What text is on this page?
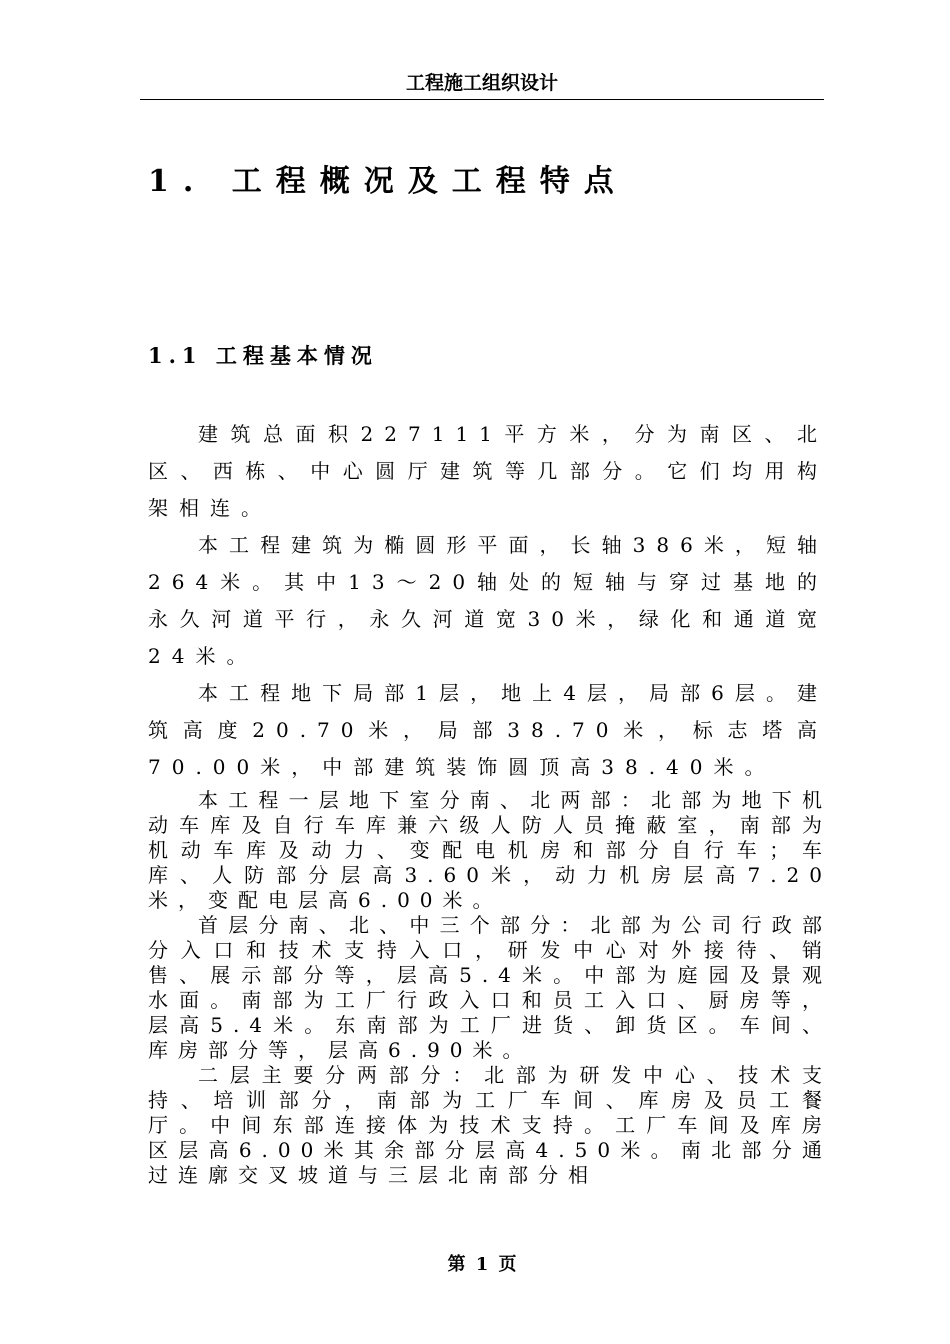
工程施工组织设计
1. 工程概况及工程特点
1.1 工程基本情况

建筑总面积227111平方米，分为南区、北区、西栋、中心圆厅建筑等几部分。它们均用构架相连。

本工程建筑为椭圆形平面，长轴386米，短轴264米。其中13～20轴处的短轴与穿过基地的永久河道平行，永久河道宽30米，绿化和通道宽24米。

本工程地下局部1层，地上4层，局部6层。建筑高度20.70米，局部38.70米，标志塔高70.00米，中部建筑装饰圆顶高38.40米。

本工程一层地下室分南、北两部：北部为地下机动车库及自行车库兼六级人防人员掩蔽室，南部为机动车库及动力、变配电机房和部分自行车；车库、人防部分层高3.60米，动力机房层高7.20米，变配电层高6.00米。

首层分南、北、中三个部分：北部为公司行政部分入口和技术支持入口，研发中心对外接待、销售、展示部分等，层高5.4米。中部为庭园及景观水面。南部为工厂行政入口和员工入口、厨房等，层高5.4米。东南部为工厂进货、卸货区。车间、库房部分等，层高6.90米。

二层主要分两部分：北部为研发中心、技术支持、培训部分，南部为工厂车间、库房及员工餐厅。中间东部连接体为技术支持。工厂车间及库房区层高6.00米其余部分层高4.50米。南北部分通过连廓交叉坡道与三层北南部分相

第 1 页
